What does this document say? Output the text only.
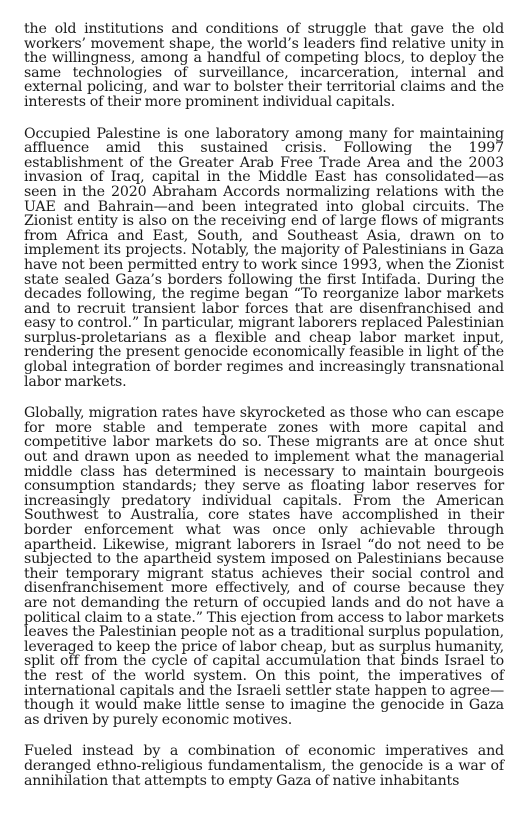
the old institutions and conditions of struggle that gave the old workers’ movement shape, the world’s leaders find relative unity in the willingness, among a handful of competing blocs, to deploy the same technologies of surveillance, incarceration, internal and external policing, and war to bolster their territorial claims and the interests of their more prominent individual capitals.

Occupied Palestine is one laboratory among many for maintaining affluence amid this sustained crisis. Following the 1997 establishment of the Greater Arab Free Trade Area and the 2003 invasion of Iraq, capital in the Middle East has consolidated—as seen in the 2020 Abraham Accords normalizing relations with the UAE and Bahrain—and been integrated into global circuits. The Zionist entity is also on the receiving end of large flows of migrants from Africa and East, South, and Southeast Asia, drawn on to implement its projects. Notably, the majority of Palestinians in Gaza have not been permitted entry to work since 1993, when the Zionist state sealed Gaza’s borders following the first Intifada. During the decades following, the regime began “To reorganize labor markets and to recruit transient labor forces that are disenfranchised and easy to control.” In particular, migrant laborers replaced Palestinian surplus-proletarians as a flexible and cheap labor market input, rendering the present genocide economically feasible in light of the global integration of border regimes and increasingly transnational labor markets.

Globally, migration rates have skyrocketed as those who can escape for more stable and temperate zones with more capital and competitive labor markets do so. These migrants are at once shut out and drawn upon as needed to implement what the managerial middle class has determined is necessary to maintain bourgeois consumption standards; they serve as floating labor reserves for increasingly predatory individual capitals. From the American Southwest to Australia, core states have accomplished in their border enforcement what was once only achievable through apartheid. Likewise, migrant laborers in Israel “do not need to be subjected to the apartheid system imposed on Palestinians because their temporary migrant status achieves their social control and disenfranchisement more effectively, and of course because they are not demanding the return of occupied lands and do not have a political claim to a state.” This ejection from access to labor markets leaves the Palestinian people not as a traditional surplus population, leveraged to keep the price of labor cheap, but as surplus humanity, split off from the cycle of capital accumulation that binds Israel to the rest of the world system. On this point, the imperatives of international capitals and the Israeli settler state happen to agree—though it would make little sense to imagine the genocide in Gaza as driven by purely economic motives.

Fueled instead by a combination of economic imperatives and deranged ethno-religious fundamentalism, the genocide is a war of annihilation that attempts to empty Gaza of native inhabitants
